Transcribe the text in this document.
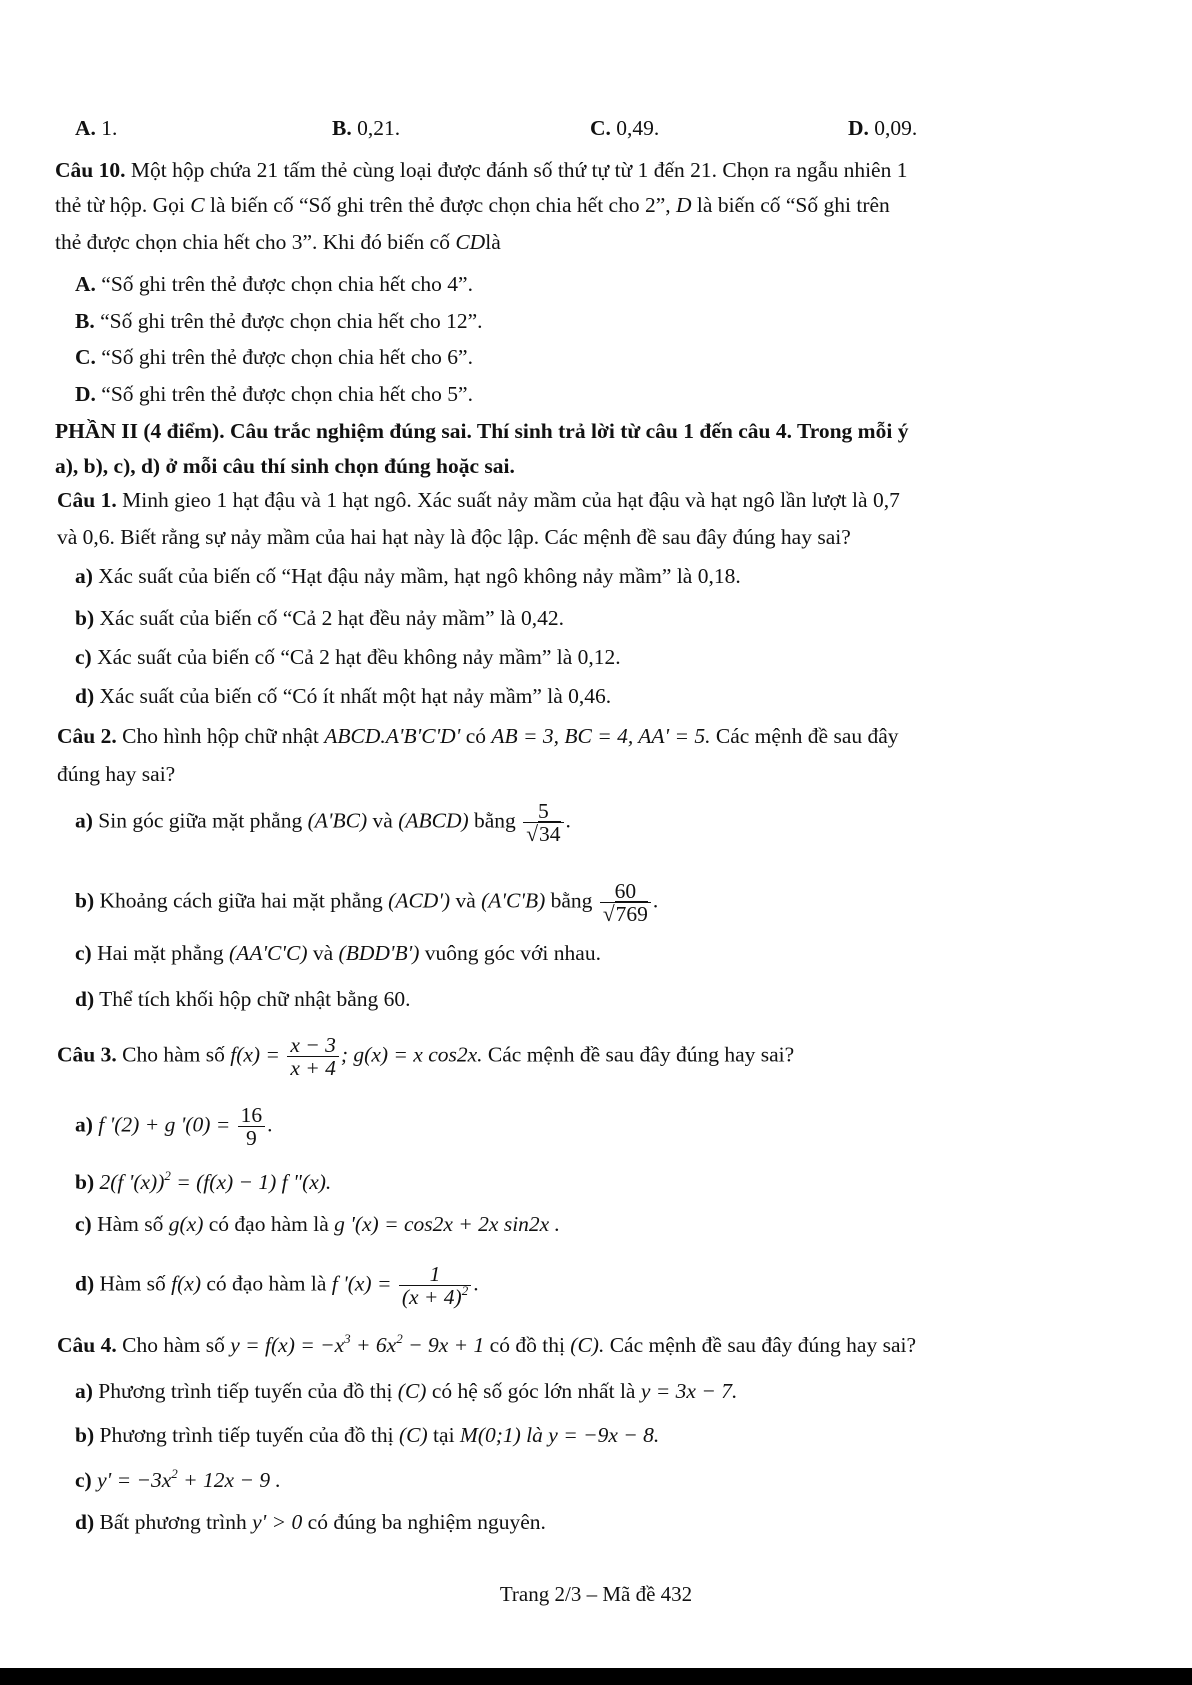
A. 1.	B. 0,21.	C. 0,49.	D. 0,09.
Câu 10. Một hộp chứa 21 tấm thẻ cùng loại được đánh số thứ tự từ 1 đến 21. Chọn ra ngẫu nhiên 1
thẻ từ hộp. Gọi C là biến cố “Số ghi trên thẻ được chọn chia hết cho 2”, D là biến cố “Số ghi trên
thẻ được chọn chia hết cho 3”. Khi đó biến cố CDlà
A. “Số ghi trên thẻ được chọn chia hết cho 4”.
B. “Số ghi trên thẻ được chọn chia hết cho 12”.
C. “Số ghi trên thẻ được chọn chia hết cho 6”.
D. “Số ghi trên thẻ được chọn chia hết cho 5”.
PHẦN II (4 điểm). Câu trắc nghiệm đúng sai. Thí sinh trả lời từ câu 1 đến câu 4. Trong mỗi ý
a), b), c), d) ở mỗi câu thí sinh chọn đúng hoặc sai.
Câu 1. Minh gieo 1 hạt đậu và 1 hạt ngô. Xác suất nảy mầm của hạt đậu và hạt ngô lần lượt là 0,7
và 0,6. Biết rằng sự nảy mầm của hai hạt này là độc lập. Các mệnh đề sau đây đúng hay sai?
a) Xác suất của biến cố “Hạt đậu nảy mầm, hạt ngô không nảy mầm” là 0,18.
b) Xác suất của biến cố “Cả 2 hạt đều nảy mầm” là 0,42.
c) Xác suất của biến cố “Cả 2 hạt đều không nảy mầm” là 0,12.
d) Xác suất của biến cố “Có ít nhất một hạt nảy mầm” là 0,46.
Câu 2. Cho hình hộp chữ nhật ABCD.A'B'C'D' có AB = 3, BC = 4, AA' = 5. Các mệnh đề sau đây
đúng hay sai?
a) Sin góc giữa mặt phẳng (A'BC) và (ABCD) bằng $\frac{5}{√34}$ .
b) Khoảng cách giữa hai mặt phẳng (ACD') và (A'C'B) bằng $\frac{60}{√769}$ .
c) Hai mặt phẳng (AA'C'C) và (BDD'B') vuông góc với nhau.
d) Thể tích khối hộp chữ nhật bằng 60.
Câu 3. Cho hàm số $f(x) = \frac{x - 3}{x + 4}$ ; g(x) = x cos2x. Các mệnh đề sau đây đúng hay sai?
a) f '(2) + g '$(0) = \frac{16}{9}$ .
b) 2(f '(x))$^2$ = (f(x) − 1) f "(x).
c) Hàm số g(x) có đạo hàm là g '(x) = cos2x + 2x sin2x .
d) Hàm số f(x) có đạo hàm là f '$(x) = \frac{1}{(x + 4)^2}$ .
Câu 4. Cho hàm số $y = f(x) = -x^3 + 6x^2 - 9x + 1$ có đồ thị (C). Các mệnh đề sau đây đúng hay sai?
a) Phương trình tiếp tuyến của đồ thị (C) có hệ số góc lớn nhất là y = 3x − 7.
b) Phương trình tiếp tuyến của đồ thị (C) tại M(0;1) là y = −9x − 8.
c) $y' = -3x^2 + 12x - 9$ .
d) Bất phương trình y' > 0 có đúng ba nghiệm nguyên.
Trang 2/3 – Mã đề 432
